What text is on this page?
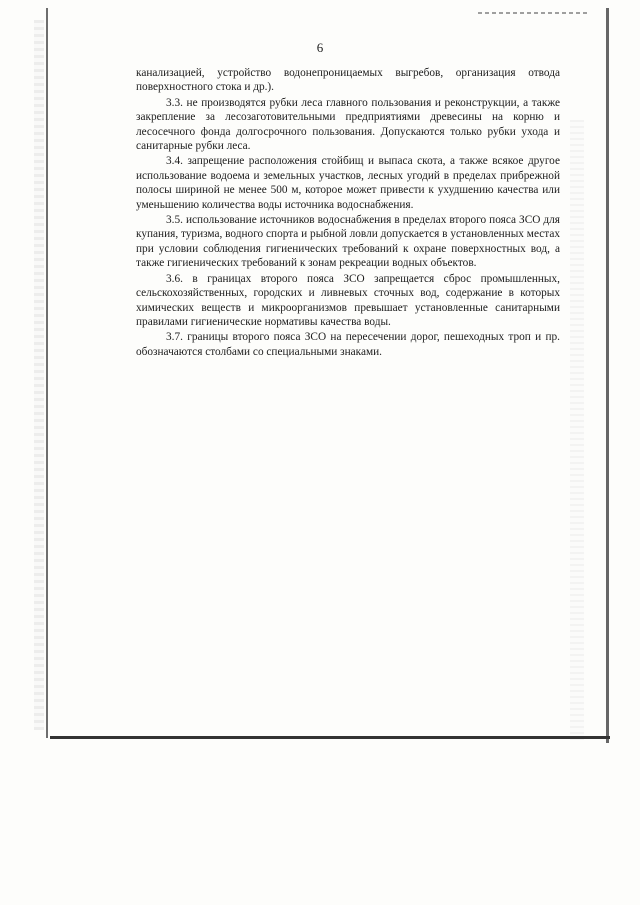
6

канализацией, устройство водонепроницаемых выгребов, организация отвода поверхностного стока и др.).

3.3. не производятся рубки леса главного пользования и реконструкции, а также закрепление за лесозаготовительными предприятиями древесины на корню и лесосечного фонда долгосрочного пользования. Допускаются только рубки ухода и санитарные рубки леса.

3.4. запрещение расположения стойбищ и выпаса скота, а также всякое другое использование водоема и земельных участков, лесных угодий в пределах прибрежной полосы шириной не менее 500 м, которое может привести к ухудшению качества или уменьшению количества воды источника водоснабжения.

3.5. использование источников водоснабжения в пределах второго пояса ЗСО для купания, туризма, водного спорта и рыбной ловли допускается в установленных местах при условии соблюдения гигиенических требований к охране поверхностных вод, а также гигиенических требований к зонам рекреации водных объектов.

3.6. в границах второго пояса ЗСО запрещается сброс промышленных, сельскохозяйственных, городских и ливневых сточных вод, содержание в которых химических веществ и микроорганизмов превышает установленные санитарными правилами гигиенические нормативы качества воды.

3.7. границы второго пояса ЗСО на пересечении дорог, пешеходных троп и пр. обозначаются столбами со специальными знаками.
